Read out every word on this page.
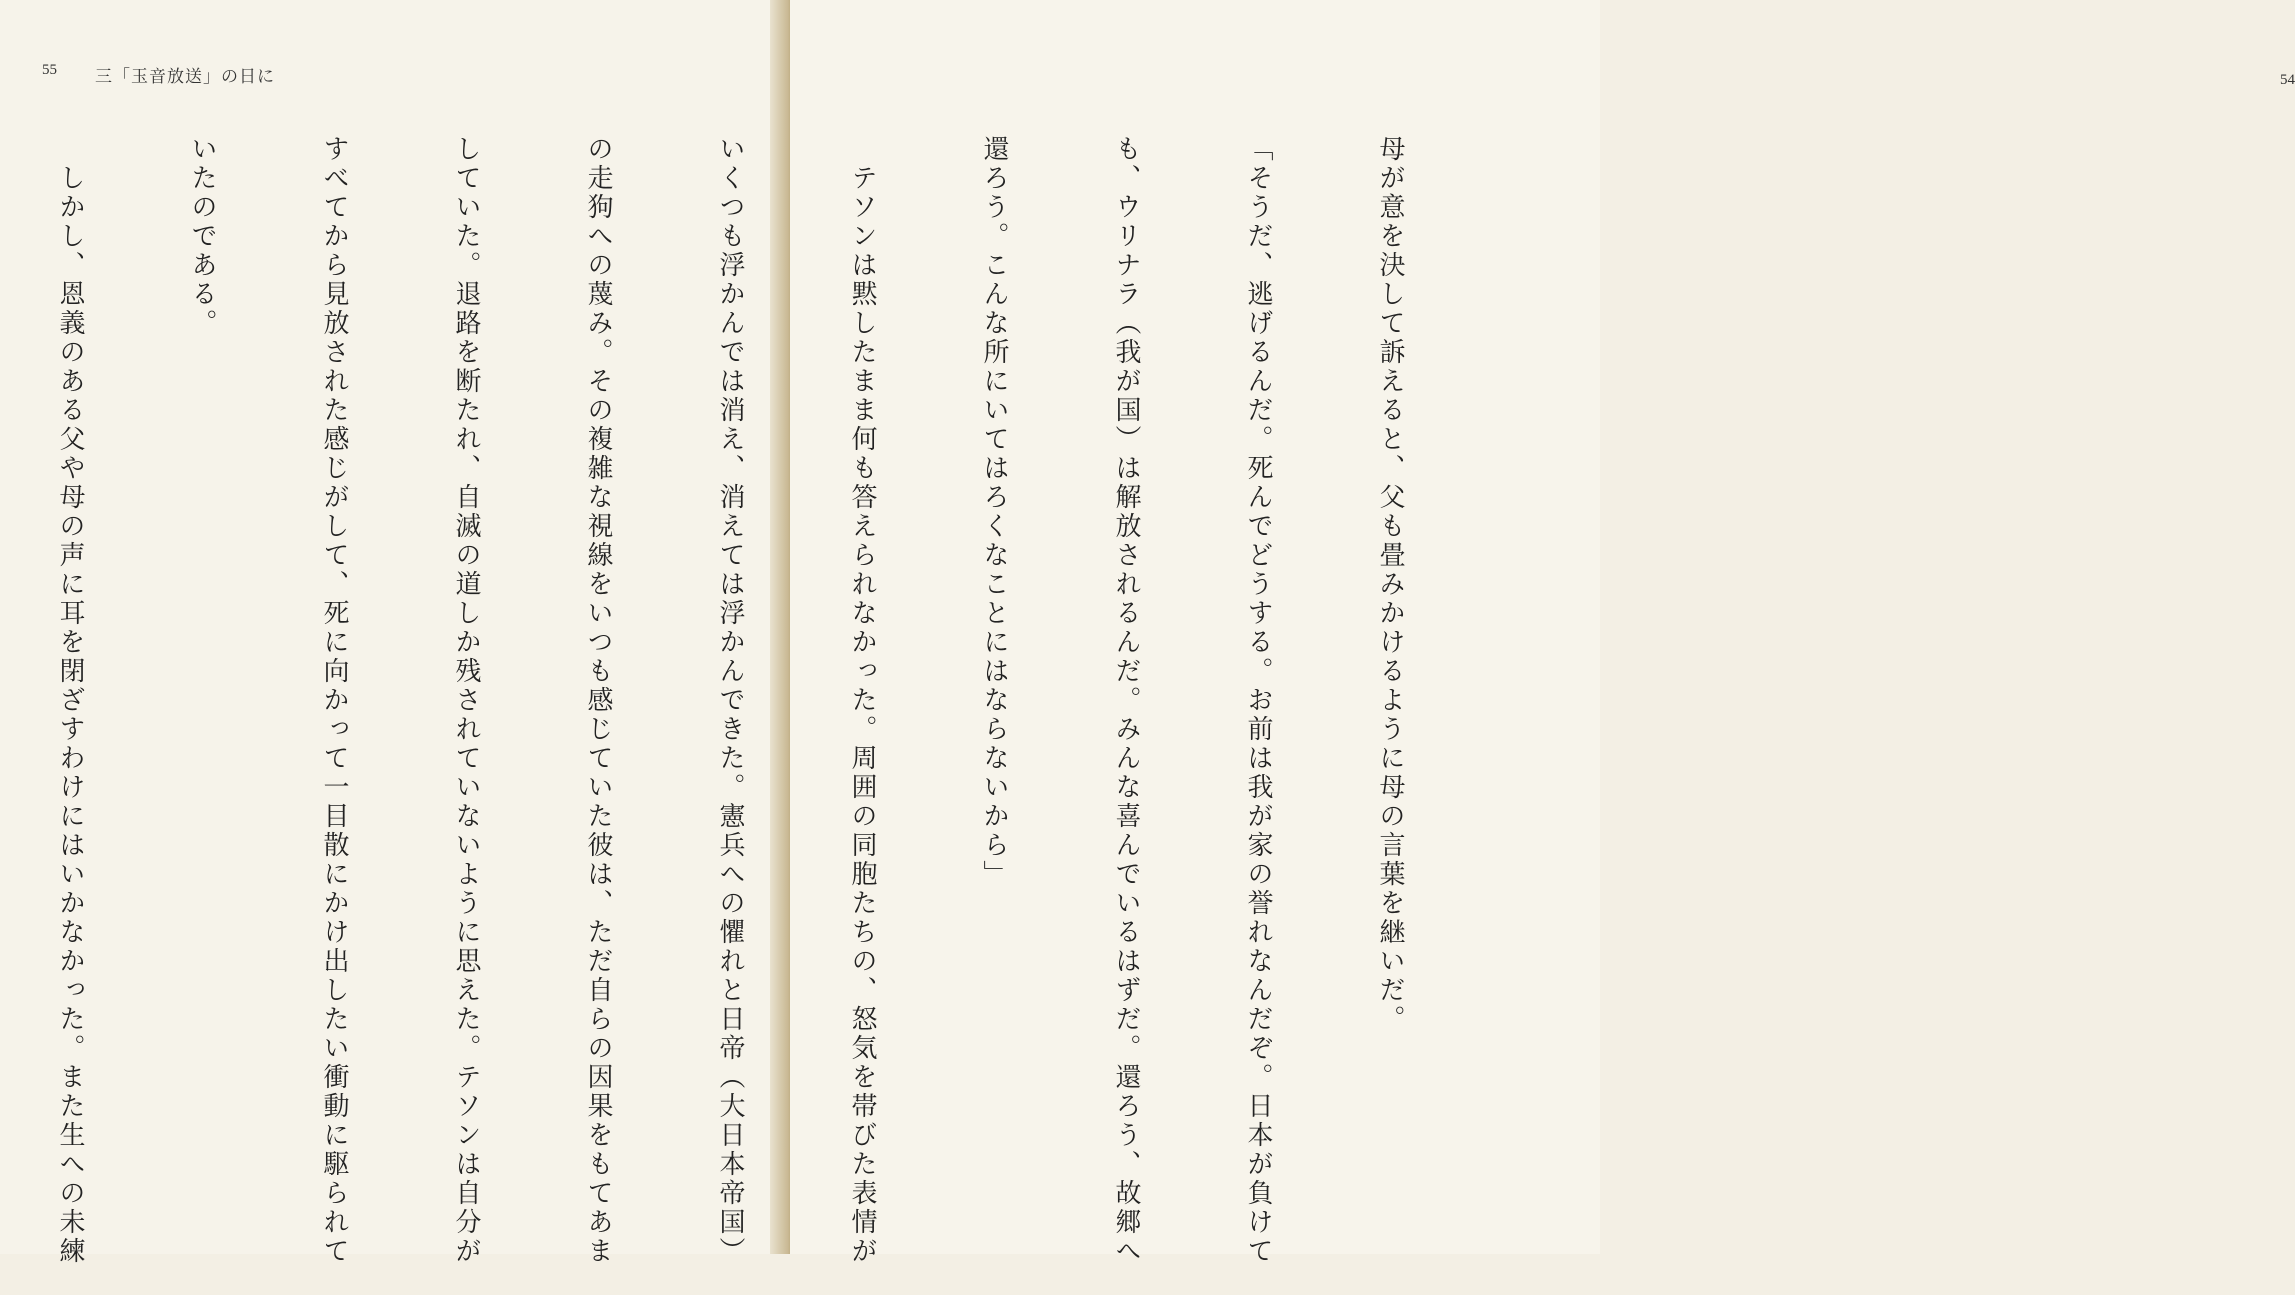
55 三「玉音放送」の日に

	54

母が意を決して訴えると、父も畳みかけるように母の言葉を継いだ。

「そうだ、逃げるんだ。死んでどうする。お前は我が家の誉れなんだぞ。日本が負けて

も、ウリナラ（我が国）は解放されるんだ。みんな喜んでいるはずだ。還ろう、故郷へ

還ろう。こんな所にいてはろくなことにはならないから」

　テソンは黙したまま何も答えられなかった。周囲の同胞たちの、怒気を帯びた表情が

いくつも浮かんでは消え、消えては浮かんできた。憲兵への懼れと日帝（大日本帝国）

の走狗への蔑み。その複雑な視線をいつも感じていた彼は、ただ自らの因果をもてあま

していた。退路を断たれ、自滅の道しか残されていないように思えた。テソンは自分が

すべてから見放された感じがして、死に向かって一目散にかけ出したい衝動に駆られて

いたのである。

　しかし、恩義のある父や母の声に耳を閉ざすわけにはいかなかった。また生への未練
